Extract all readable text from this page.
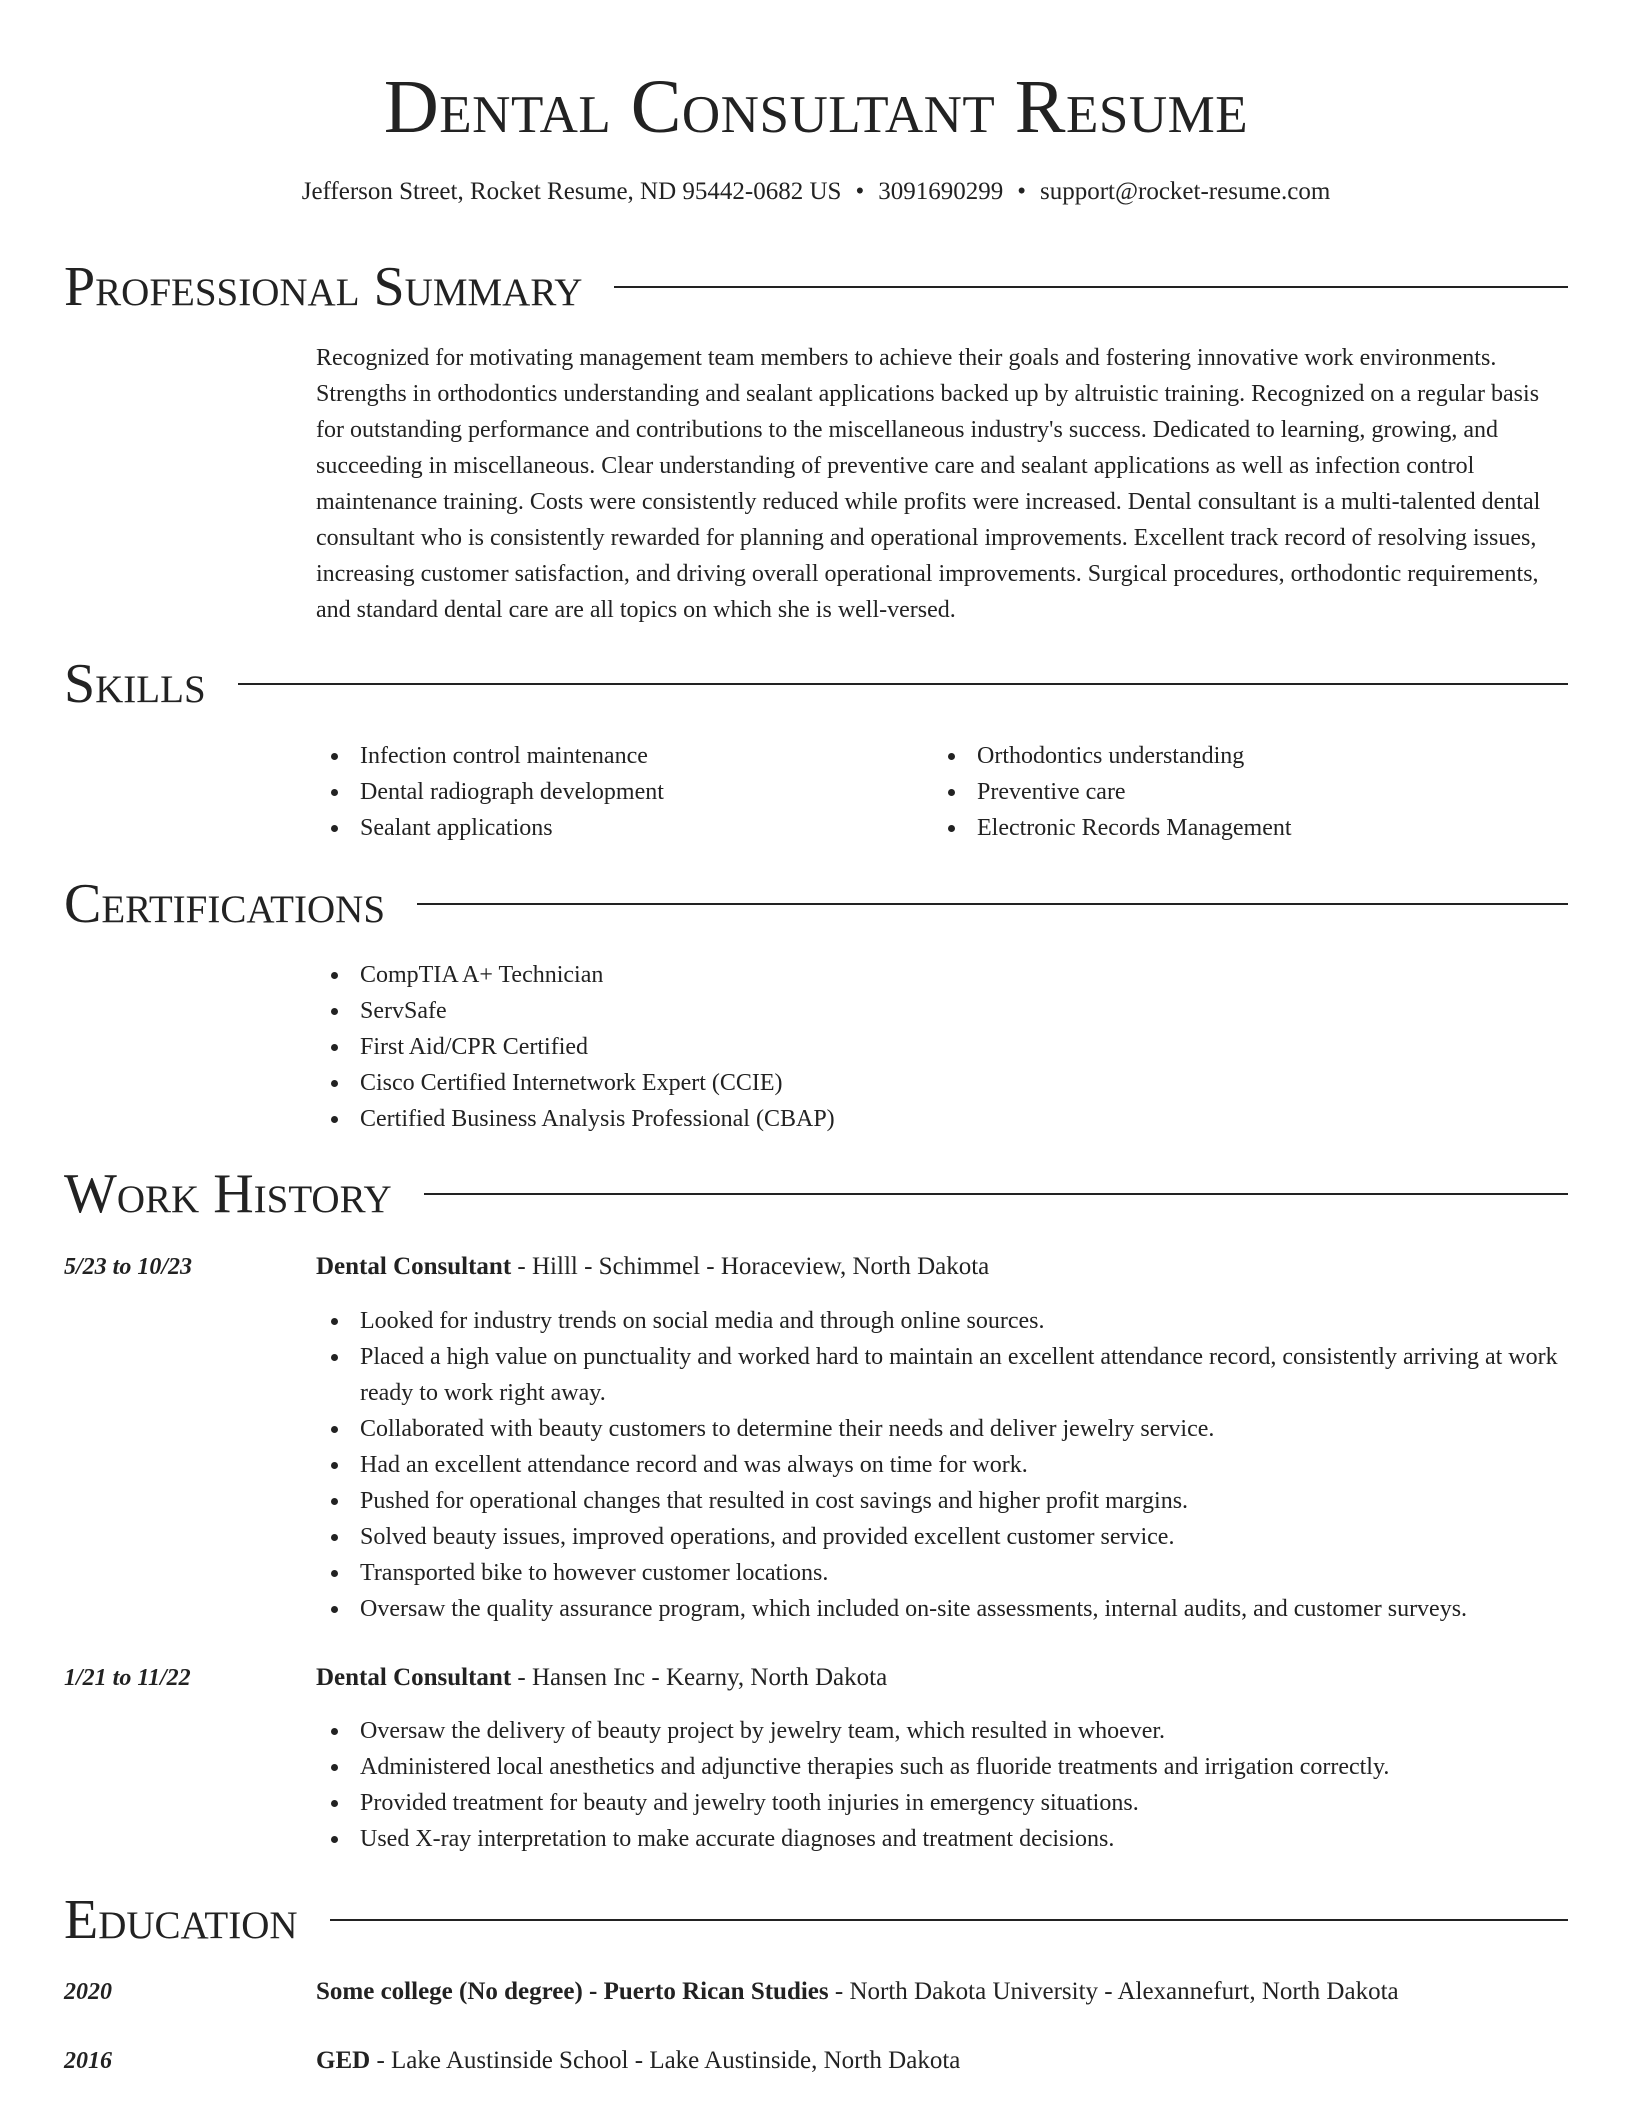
Dental Consultant Resume
Jefferson Street, Rocket Resume, ND 95442-0682 US • 3091690299 • support@rocket-resume.com
Professional Summary

Recognized for motivating management team members to achieve their goals and fostering innovative work environments. Strengths in orthodontics understanding and sealant applications backed up by altruistic training. Recognized on a regular basis for outstanding performance and contributions to the miscellaneous industry's success. Dedicated to learning, growing, and succeeding in miscellaneous. Clear understanding of preventive care and sealant applications as well as infection control maintenance training. Costs were consistently reduced while profits were increased. Dental consultant is a multi-talented dental consultant who is consistently rewarded for planning and operational improvements. Excellent track record of resolving issues, increasing customer satisfaction, and driving overall operational improvements. Surgical procedures, orthodontic requirements, and standard dental care are all topics on which she is well-versed.

Skills
Infection control maintenance
Dental radiograph development
Sealant applications
Orthodontics understanding
Preventive care
Electronic Records Management
Certifications
CompTIA A+ Technician
ServSafe
First Aid/CPR Certified
Cisco Certified Internetwork Expert (CCIE)
Certified Business Analysis Professional (CBAP)
Work History
5/23 to 10/23	Dental Consultant - Hilll - Schimmel - Horaceview, North Dakota
Looked for industry trends on social media and through online sources.
Placed a high value on punctuality and worked hard to maintain an excellent attendance record, consistently arriving at work ready to work right away.
Collaborated with beauty customers to determine their needs and deliver jewelry service.
Had an excellent attendance record and was always on time for work.
Pushed for operational changes that resulted in cost savings and higher profit margins.
Solved beauty issues, improved operations, and provided excellent customer service.
Transported bike to however customer locations.
Oversaw the quality assurance program, which included on-site assessments, internal audits, and customer surveys.
1/21 to 11/22	Dental Consultant - Hansen Inc - Kearny, North Dakota
Oversaw the delivery of beauty project by jewelry team, which resulted in whoever.
Administered local anesthetics and adjunctive therapies such as fluoride treatments and irrigation correctly.
Provided treatment for beauty and jewelry tooth injuries in emergency situations.
Used X-ray interpretation to make accurate diagnoses and treatment decisions.
Education
2020	Some college (No degree) - Puerto Rican Studies - North Dakota University - Alexannefurt, North Dakota
2016	GED - Lake Austinside School - Lake Austinside, North Dakota
